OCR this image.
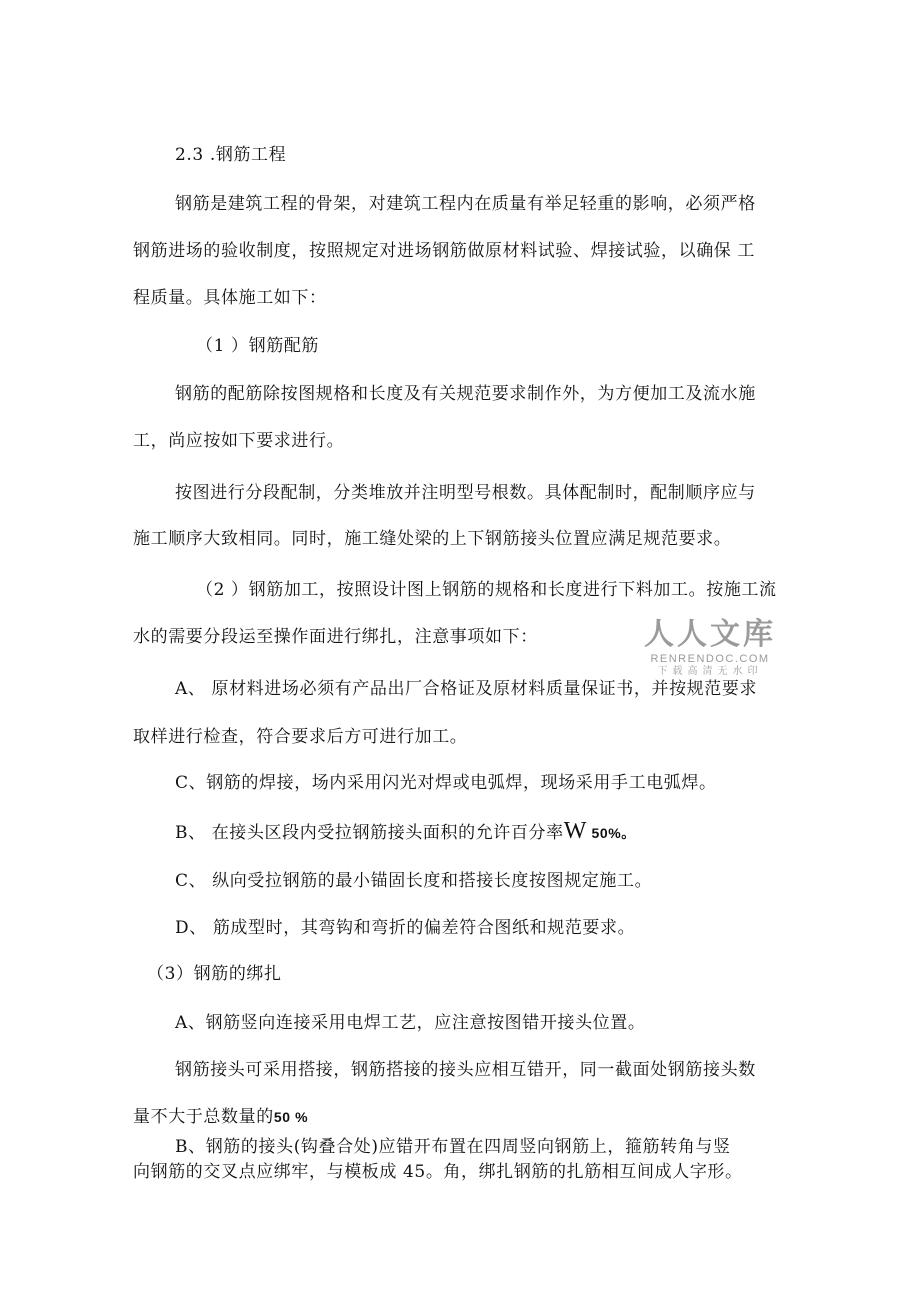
2.3 .钢筋工程
钢筋是建筑工程的骨架，对建筑工程内在质量有举足轻重的影响，必须严格
钢筋进场的验收制度，按照规定对进场钢筋做原材料试验、焊接试验，以确保 工
程质量。具体施工如下：
（1 ）钢筋配筋
钢筋的配筋除按图规格和长度及有关规范要求制作外，为方便加工及流水施
工，尚应按如下要求进行。
按图进行分段配制，分类堆放并注明型号根数。具体配制时，配制顺序应与
施工顺序大致相同。同时，施工缝处梁的上下钢筋接头位置应满足规范要求。
（2 ）钢筋加工，按照设计图上钢筋的规格和长度进行下料加工。按施工流
水的需要分段运至操作面进行绑扎，注意事项如下：
A、 原材料进场必须有产品出厂合格证及原材料质量保证书，并按规范要求
取样进行检查，符合要求后方可进行加工。
C、钢筋的焊接，场内采用闪光对焊或电弧焊，现场采用手工电弧焊。
B、 在接头区段内受拉钢筋接头面积的允许百分率W 50%。
C、 纵向受拉钢筋的最小锚固长度和搭接长度按图规定施工。
D、 筋成型时，其弯钩和弯折的偏差符合图纸和规范要求。
（3）钢筋的绑扎
A、钢筋竖向连接采用电焊工艺，应注意按图错开接头位置。
钢筋接头可采用搭接，钢筋搭接的接头应相互错开，同一截面处钢筋接头数
量不大于总数量的50 %
B、钢筋的接头(钩叠合处)应错开布置在四周竖向钢筋上，箍筋转角与竖
向钢筋的交叉点应绑牢，与模板成 45。角，绑扎钢筋的扎筋相互间成人字形。
人人文库
RENRENDOC.COM
下载高清无水印
